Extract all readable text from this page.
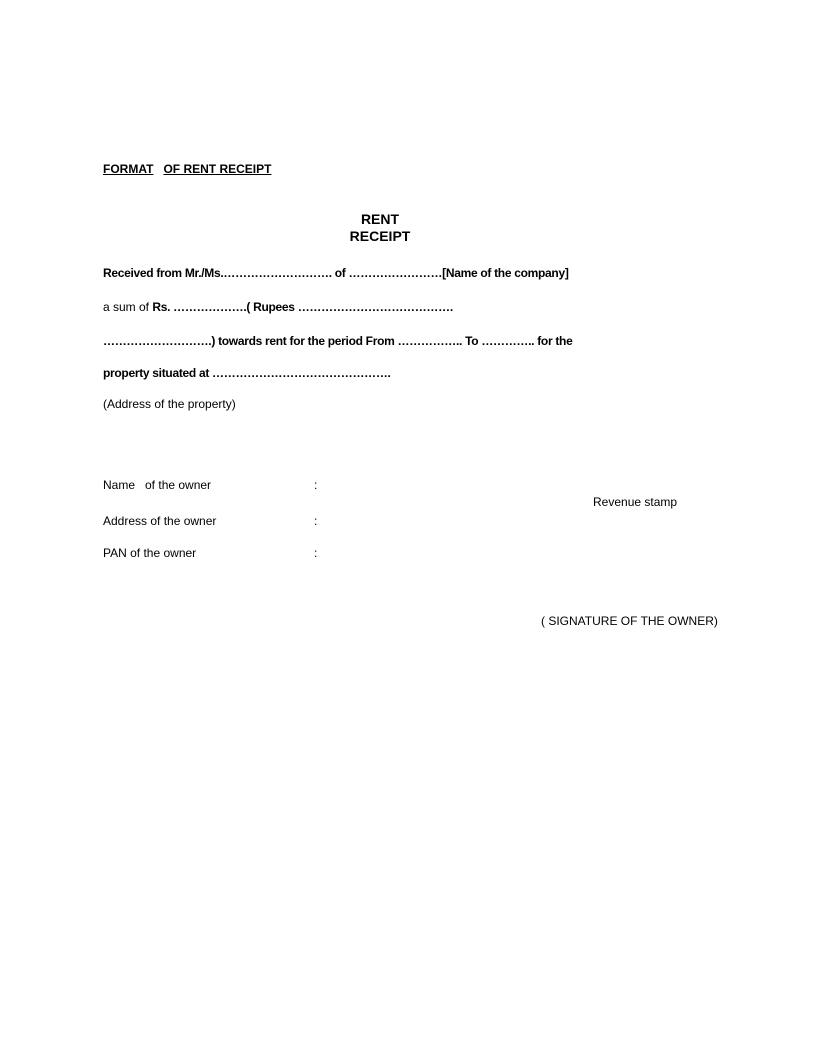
FORMAT OF RENT RECEIPT
RENT
RECEIPT
Received from Mr./Ms.………………………. of ……………………[Name of the company]
a sum of Rs. ……………….( Rupees ………………………………….
……………………….) towards rent for the period From …………….. To ………….. for the
property situated at ……………………………………….
(Address of the property)
Name   of the owner	:
Address of the owner	:
PAN of the owner	:
Revenue stamp
( SIGNATURE OF THE OWNER)
